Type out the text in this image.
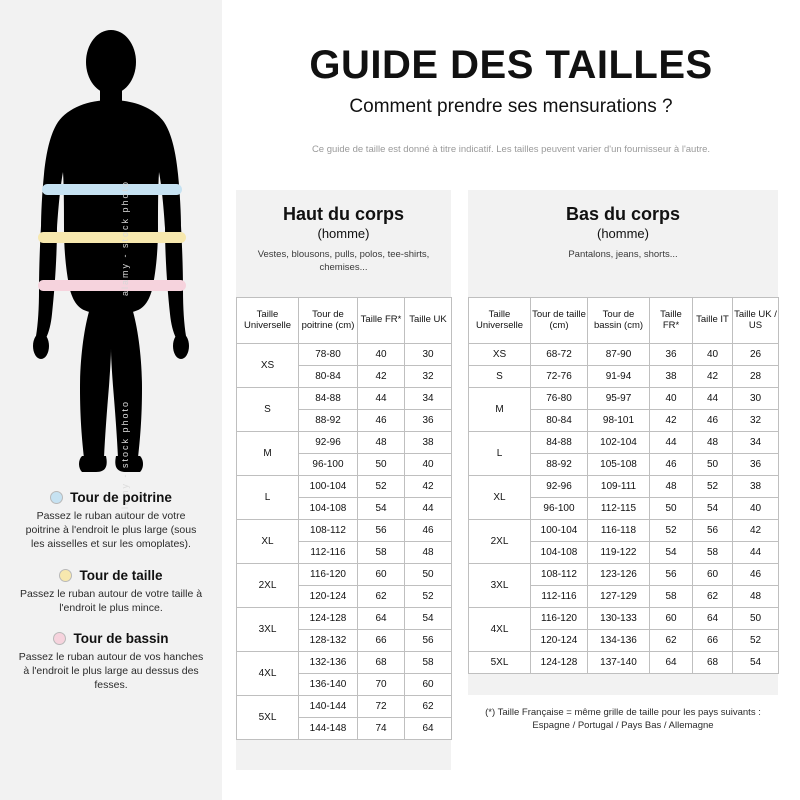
alamy - stock photo
alamy - stock photo
Tour de poitrine
Passez le ruban autour de votre poitrine à l'endroit le plus large (sous les aisselles et sur les omoplates).
Tour de taille
Passez le ruban autour de votre taille à l'endroit le plus mince.
Tour de bassin
Passez le ruban autour de vos hanches à l'endroit le plus large au dessus des fesses.
GUIDE DES TAILLES
Comment prendre ses mensurations ?
Ce guide de taille est donné à titre indicatif. Les tailles peuvent varier d'un fournisseur à l'autre.
Haut du corps
(homme)
Vestes, blousons, pulls, polos, tee-shirts, chemises...
Taille Universelle	Tour de poitrine (cm)	Taille FR*	Taille UK
XS	78-80	40	30
	80-84	42	32
S	84-88	44	34
	88-92	46	36
M	92-96	48	38
	96-100	50	40
L	100-104	52	42
	104-108	54	44
XL	108-112	56	46
	112-116	58	48
2XL	116-120	60	50
	120-124	62	52
3XL	124-128	64	54
	128-132	66	56
4XL	132-136	68	58
	136-140	70	60
5XL	140-144	72	62
	144-148	74	64
Bas du corps
(homme)
Pantalons, jeans, shorts...
Taille Universelle	Tour de taille (cm)	Tour de bassin (cm)	Taille FR*	Taille IT	Taille UK / US
XS	68-72	87-90	36	40	26
S	72-76	91-94	38	42	28
M	76-80	95-97	40	44	30
	80-84	98-101	42	46	32
L	84-88	102-104	44	48	34
	88-92	105-108	46	50	36
XL	92-96	109-111	48	52	38
	96-100	112-115	50	54	40
2XL	100-104	116-118	52	56	42
	104-108	119-122	54	58	44
3XL	108-112	123-126	56	60	46
	112-116	127-129	58	62	48
4XL	116-120	130-133	60	64	50
	120-124	134-136	62	66	52
5XL	124-128	137-140	64	68	54
(*) Taille Française = même grille de taille pour les pays suivants : Espagne / Portugal / Pays Bas / Allemagne
